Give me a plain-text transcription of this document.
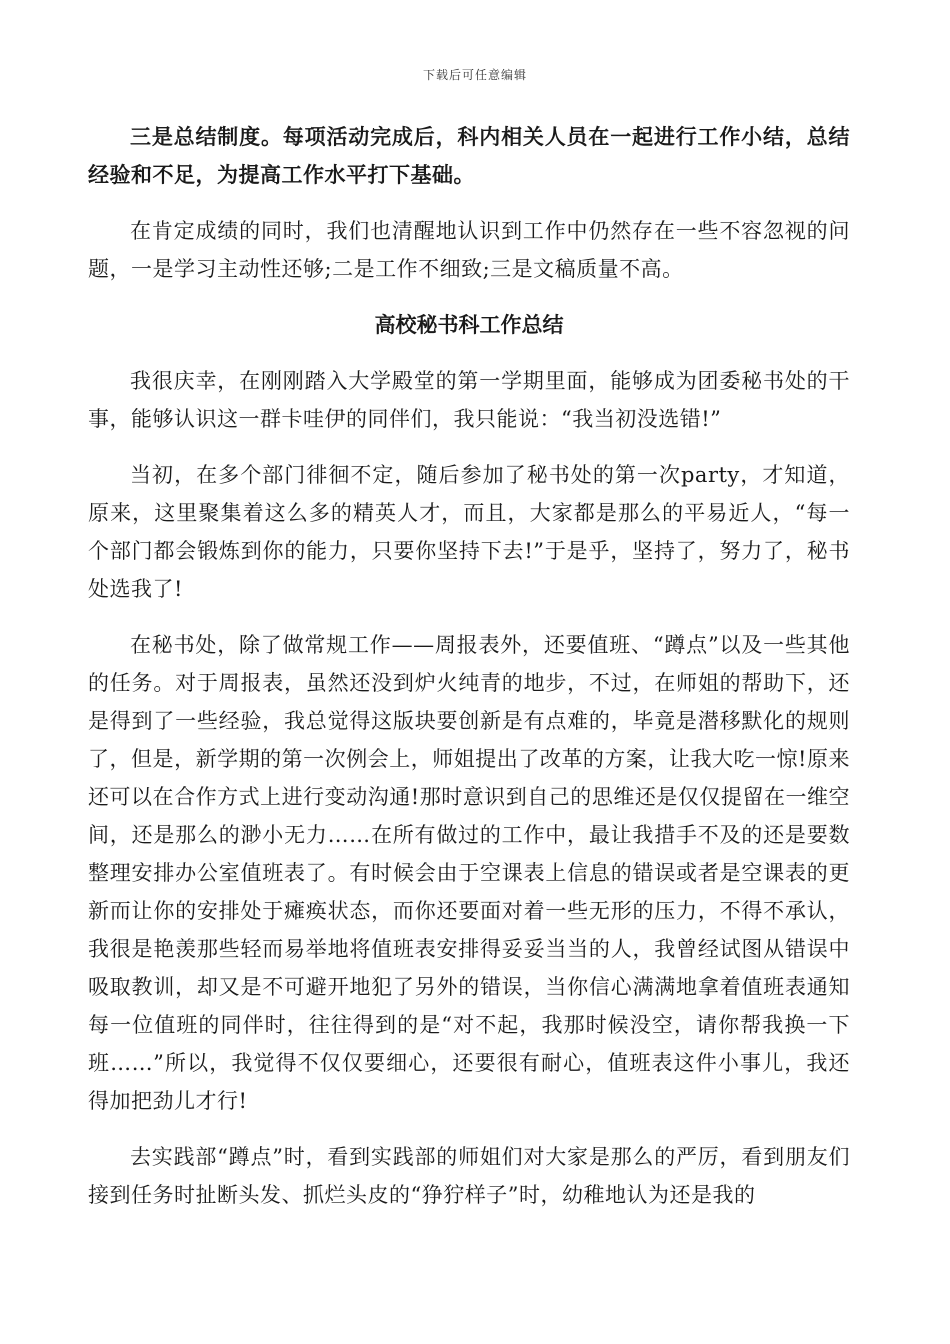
下载后可任意编辑

三是总结制度。每项活动完成后，科内相关人员在一起进行工作小结，总结经验和不足，为提高工作水平打下基础。

在肯定成绩的同时，我们也清醒地认识到工作中仍然存在一些不容忽视的问题，一是学习主动性还够;二是工作不细致;三是文稿质量不高。

高校秘书科工作总结

我很庆幸，在刚刚踏入大学殿堂的第一学期里面，能够成为团委秘书处的干事，能够认识这一群卡哇伊的同伴们，我只能说：“我当初没选错!”

当初，在多个部门徘徊不定，随后参加了秘书处的第一次party，才知道，原来，这里聚集着这么多的精英人才，而且，大家都是那么的平易近人，“每一个部门都会锻炼到你的能力，只要你坚持下去!”于是乎，坚持了，努力了，秘书处选我了!

在秘书处，除了做常规工作——周报表外，还要值班、“蹲点”以及一些其他的任务。对于周报表，虽然还没到炉火纯青的地步，不过，在师姐的帮助下，还是得到了一些经验，我总觉得这版块要创新是有点难的，毕竟是潜移默化的规则了，但是，新学期的第一次例会上，师姐提出了改革的方案，让我大吃一惊!原来还可以在合作方式上进行变动沟通!那时意识到自己的思维还是仅仅提留在一维空间，还是那么的渺小无力……在所有做过的工作中，最让我措手不及的还是要数整理安排办公室值班表了。有时候会由于空课表上信息的错误或者是空课表的更新而让你的安排处于瘫痪状态，而你还要面对着一些无形的压力，不得不承认，我很是艳羡那些轻而易举地将值班表安排得妥妥当当的人，我曾经试图从错误中吸取教训，却又是不可避开地犯了另外的错误，当你信心满满地拿着值班表通知每一位值班的同伴时，往往得到的是“对不起，我那时候没空，请你帮我换一下班……”所以，我觉得不仅仅要细心，还要很有耐心，值班表这件小事儿，我还得加把劲儿才行!

去实践部“蹲点”时，看到实践部的师姐们对大家是那么的严厉，看到朋友们接到任务时扯断头发、抓烂头皮的“狰狞样子”时，幼稚地认为还是我的
